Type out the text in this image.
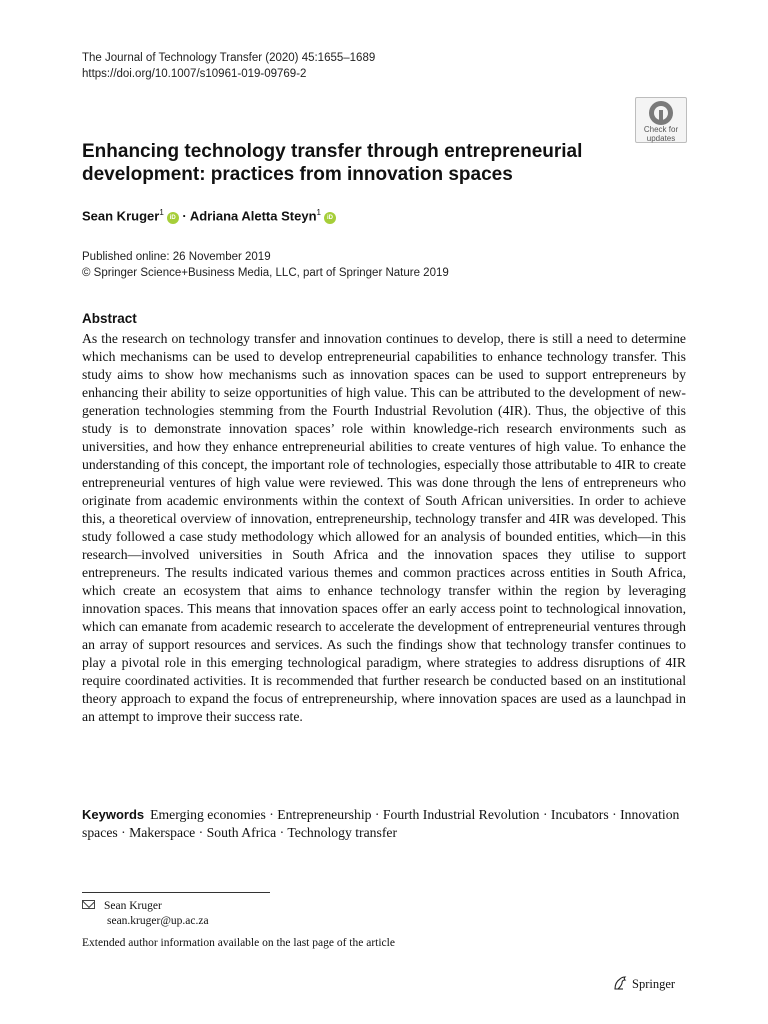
The Journal of Technology Transfer (2020) 45:1655–1689
https://doi.org/10.1007/s10961-019-09769-2
Check for
updates
Enhancing technology transfer through entrepreneurial development: practices from innovation spaces
Sean Kruger$^1$iD · Adriana Aletta Steyn$^1$iD
Published online: 26 November 2019
© Springer Science+Business Media, LLC, part of Springer Nature 2019
Abstract

As the research on technology transfer and innovation continues to develop, there is still a need to determine which mechanisms can be used to develop entrepreneurial capabilities to enhance technology transfer. This study aims to show how mechanisms such as innovation spaces can be used to support entrepreneurs by enhancing their ability to seize opportunities of high value. This can be attributed to the development of new-generation technologies stemming from the Fourth Industrial Revolution (4IR). Thus, the objective of this study is to demonstrate innovation spaces’ role within knowledge-rich research environments such as universities, and how they enhance entrepreneurial abilities to create ventures of high value. To enhance the understanding of this concept, the important role of technologies, especially those attributable to 4IR to create entrepreneurial ventures of high value were reviewed. This was done through the lens of entrepreneurs who originate from academic environments within the context of South African universities. In order to achieve this, a theoretical overview of innovation, entrepreneurship, technology transfer and 4IR was developed. This study followed a case study methodology which allowed for an analysis of bounded entities, which—in this research—involved universities in South Africa and the innovation spaces they utilise to support entrepreneurs. The results indicated various themes and common practices across entities in South Africa, which create an ecosystem that aims to enhance technology transfer within the region by leveraging innovation spaces. This means that innovation spaces offer an early access point to technological innovation, which can emanate from academic research to accelerate the development of entrepreneurial ventures through an array of support resources and services. As such the findings show that technology transfer continues to play a pivotal role in this emerging technological paradigm, where strategies to address disruptions of 4IR require coordinated activities. It is recommended that further research be conducted based on an institutional theory approach to expand the focus of entrepreneurship, where innovation spaces are used as a launchpad in an attempt to improve their success rate.

Keywords Emerging economies · Entrepreneurship · Fourth Industrial Revolution · Incubators · Innovation spaces · Makerspace · South Africa · Technology transfer
Sean Kruger
sean.kruger@up.ac.za
Extended author information available on the last page of the article
Springer
